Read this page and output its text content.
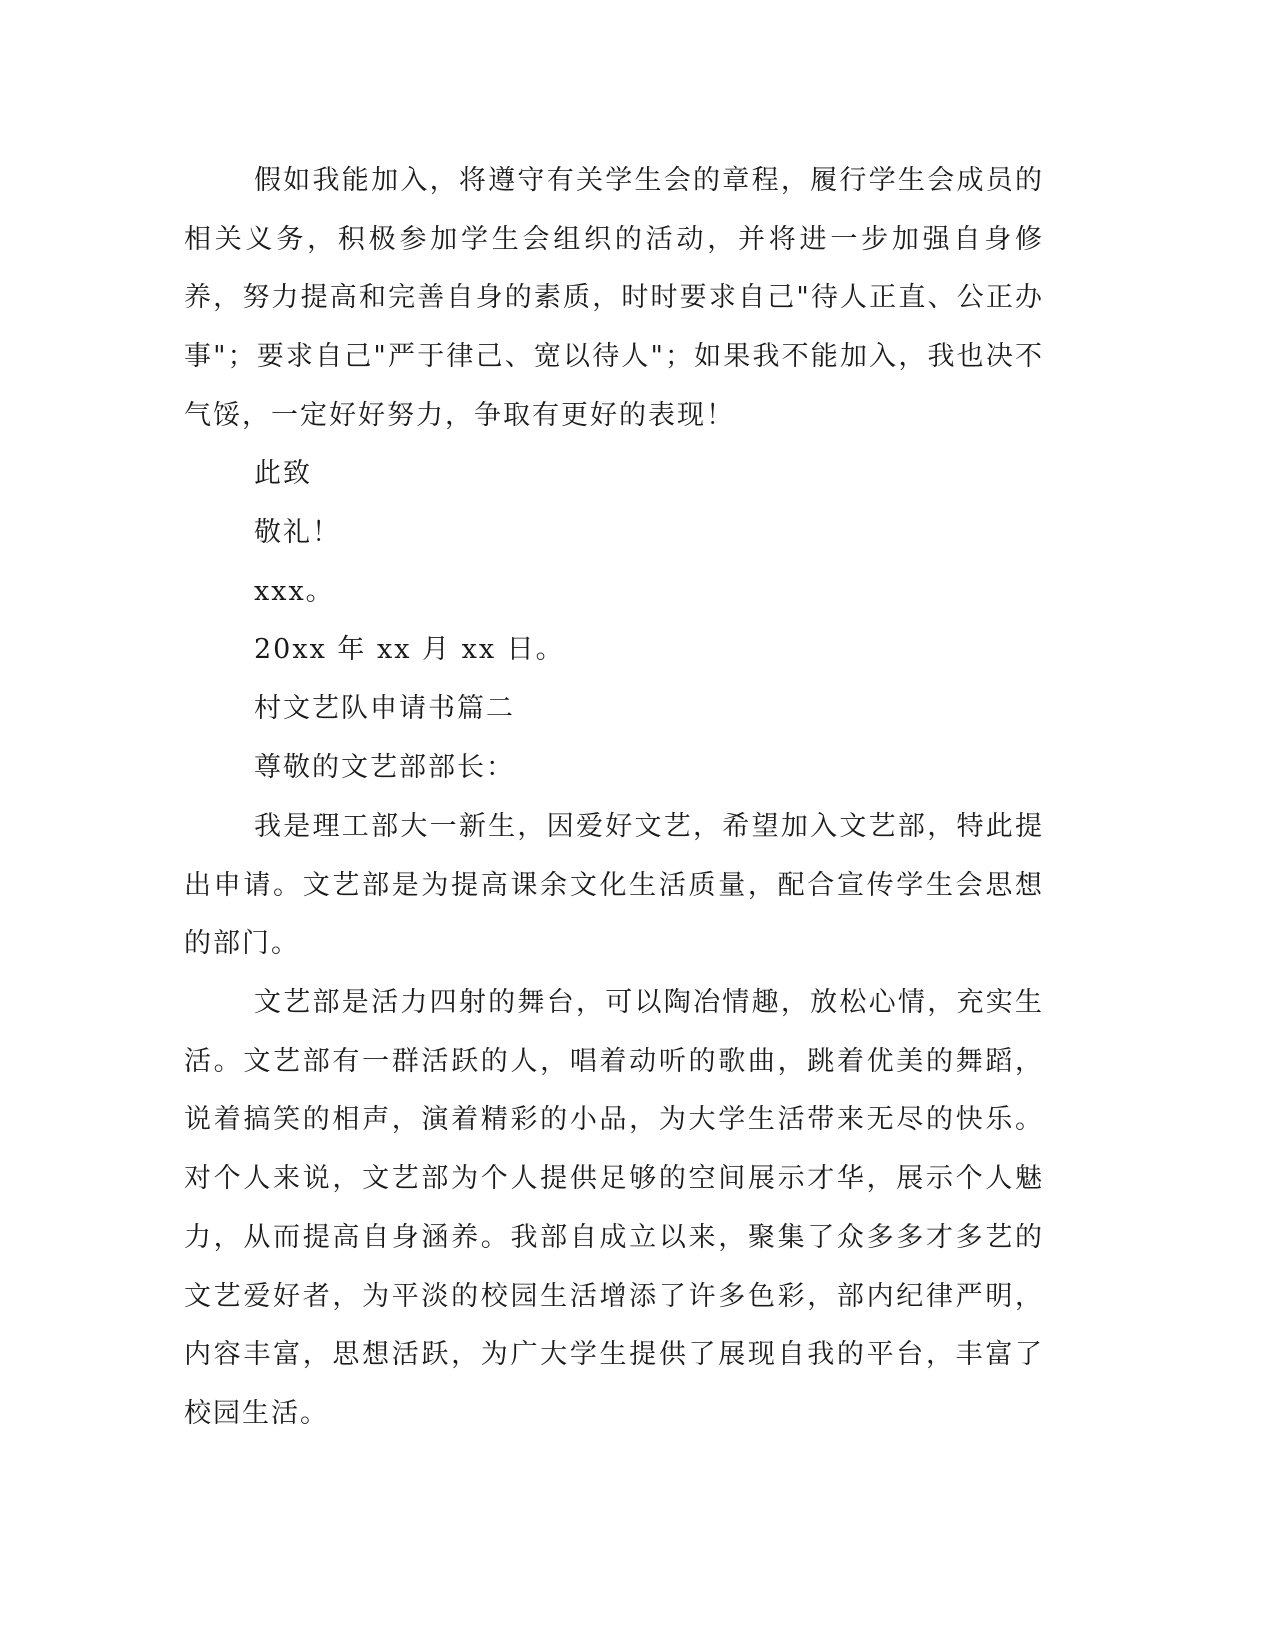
假如我能加入，将遵守有关学生会的章程，履行学生会成员的相关义务，积极参加学生会组织的活动，并将进一步加强自身修养，努力提高和完善自身的素质，时时要求自己"待人正直、公正办事"；要求自己"严于律己、宽以待人"；如果我不能加入，我也决不气馁，一定好好努力，争取有更好的表现！

此致
敬礼！
xxx。
20xx 年 xx 月 xx 日。
村文艺队申请书篇二
尊敬的文艺部部长：

我是理工部大一新生，因爱好文艺，希望加入文艺部，特此提出申请。文艺部是为提高课余文化生活质量，配合宣传学生会思想的部门。

文艺部是活力四射的舞台，可以陶冶情趣，放松心情，充实生活。文艺部有一群活跃的人，唱着动听的歌曲，跳着优美的舞蹈，说着搞笑的相声，演着精彩的小品，为大学生活带来无尽的快乐。对个人来说，文艺部为个人提供足够的空间展示才华，展示个人魅力，从而提高自身涵养。我部自成立以来，聚集了众多多才多艺的文艺爱好者，为平淡的校园生活增添了许多色彩，部内纪律严明，内容丰富，思想活跃，为广大学生提供了展现自我的平台，丰富了校园生活。
